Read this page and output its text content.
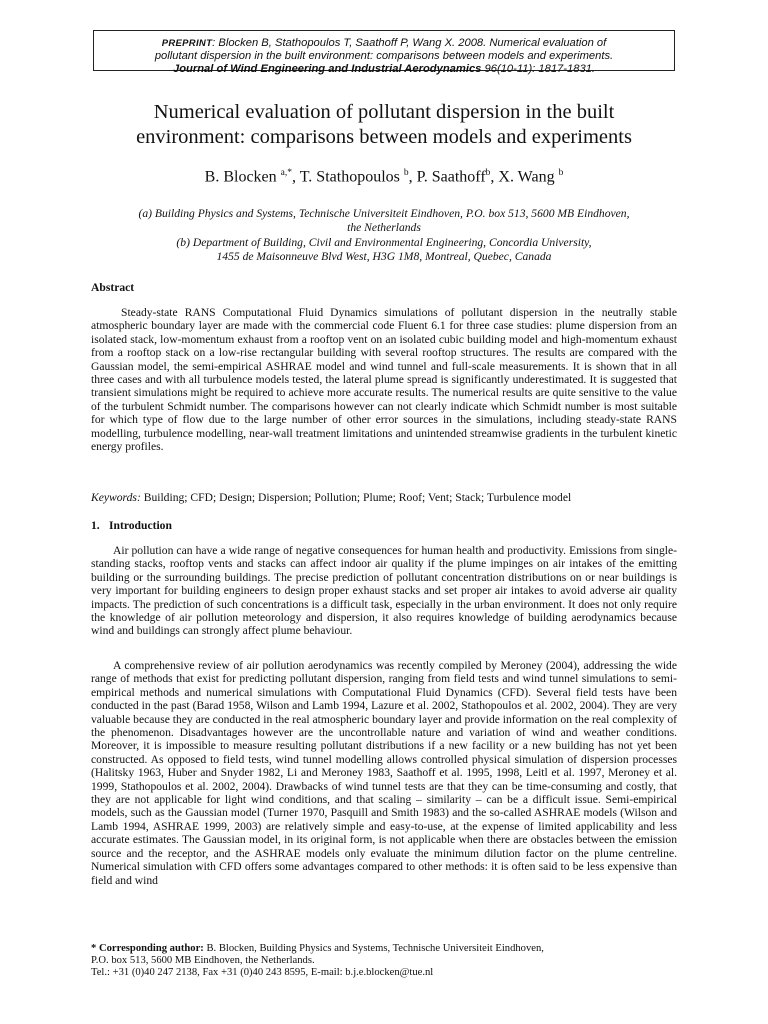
PREPRINT: Blocken B, Stathopoulos T, Saathoff P, Wang X. 2008. Numerical evaluation of
pollutant dispersion in the built environment: comparisons between models and experiments.
Journal of Wind Engineering and Industrial Aerodynamics 96(10-11): 1817-1831.
Numerical evaluation of pollutant dispersion in the built
environment: comparisons between models and experiments
B. Blocken $^{a,*}$, T. Stathopoulos $^b$, P. Saathoff$^b$, X. Wang $^b$
(a) Building Physics and Systems, Technische Universiteit Eindhoven, P.O. box 513, 5600 MB Eindhoven,
the Netherlands
(b) Department of Building, Civil and Environmental Engineering, Concordia University,
1455 de Maisonneuve Blvd West, H3G 1M8, Montreal, Quebec, Canada
Abstract
Steady-state RANS Computational Fluid Dynamics simulations of pollutant dispersion in the neutrally stable atmospheric boundary layer are made with the commercial code Fluent 6.1 for three case studies: plume dispersion from an isolated stack, low-momentum exhaust from a rooftop vent on an isolated cubic building model and high-momentum exhaust from a rooftop stack on a low-rise rectangular building with several rooftop structures. The results are compared with the Gaussian model, the semi-empirical ASHRAE model and wind tunnel and full-scale measurements. It is shown that in all three cases and with all turbulence models tested, the lateral plume spread is significantly underestimated. It is suggested that transient simulations might be required to achieve more accurate results. The numerical results are quite sensitive to the value of the turbulent Schmidt number. The comparisons however can not clearly indicate which Schmidt number is most suitable for which type of flow due to the large number of other error sources in the simulations, including steady-state RANS modelling, turbulence modelling, near-wall treatment limitations and unintended streamwise gradients in the turbulent kinetic energy profiles.
Keywords: Building; CFD; Design; Dispersion; Pollution; Plume; Roof; Vent; Stack; Turbulence model
1. Introduction
Air pollution can have a wide range of negative consequences for human health and productivity. Emissions from single-standing stacks, rooftop vents and stacks can affect indoor air quality if the plume impinges on air intakes of the emitting building or the surrounding buildings. The precise prediction of pollutant concentration distributions on or near buildings is very important for building engineers to design proper exhaust stacks and set proper air intakes to avoid adverse air quality impacts. The prediction of such concentrations is a difficult task, especially in the urban environment. It does not only require the knowledge of air pollution meteorology and dispersion, it also requires knowledge of building aerodynamics because wind and buildings can strongly affect plume behaviour.
A comprehensive review of air pollution aerodynamics was recently compiled by Meroney (2004), addressing the wide range of methods that exist for predicting pollutant dispersion, ranging from field tests and wind tunnel simulations to semi-empirical methods and numerical simulations with Computational Fluid Dynamics (CFD). Several field tests have been conducted in the past (Barad 1958, Wilson and Lamb 1994, Lazure et al. 2002, Stathopoulos et al. 2002, 2004). They are very valuable because they are conducted in the real atmospheric boundary layer and provide information on the real complexity of the phenomenon. Disadvantages however are the uncontrollable nature and variation of wind and weather conditions. Moreover, it is impossible to measure resulting pollutant distributions if a new facility or a new building has not yet been constructed. As opposed to field tests, wind tunnel modelling allows controlled physical simulation of dispersion processes (Halitsky 1963, Huber and Snyder 1982, Li and Meroney 1983, Saathoff et al. 1995, 1998, Leitl et al. 1997, Meroney et al. 1999, Stathopoulos et al. 2002, 2004). Drawbacks of wind tunnel tests are that they can be time-consuming and costly, that they are not applicable for light wind conditions, and that scaling – similarity – can be a difficult issue. Semi-empirical models, such as the Gaussian model (Turner 1970, Pasquill and Smith 1983) and the so-called ASHRAE models (Wilson and Lamb 1994, ASHRAE 1999, 2003) are relatively simple and easy-to-use, at the expense of limited applicability and less accurate estimates. The Gaussian model, in its original form, is not applicable when there are obstacles between the emission source and the receptor, and the ASHRAE models only evaluate the minimum dilution factor on the plume centreline. Numerical simulation with CFD offers some advantages compared to other methods: it is often said to be less expensive than field and wind
* Corresponding author: B. Blocken, Building Physics and Systems, Technische Universiteit Eindhoven,
P.O. box 513, 5600 MB Eindhoven, the Netherlands.
Tel.: +31 (0)40 247 2138, Fax +31 (0)40 243 8595, E-mail: b.j.e.blocken@tue.nl
